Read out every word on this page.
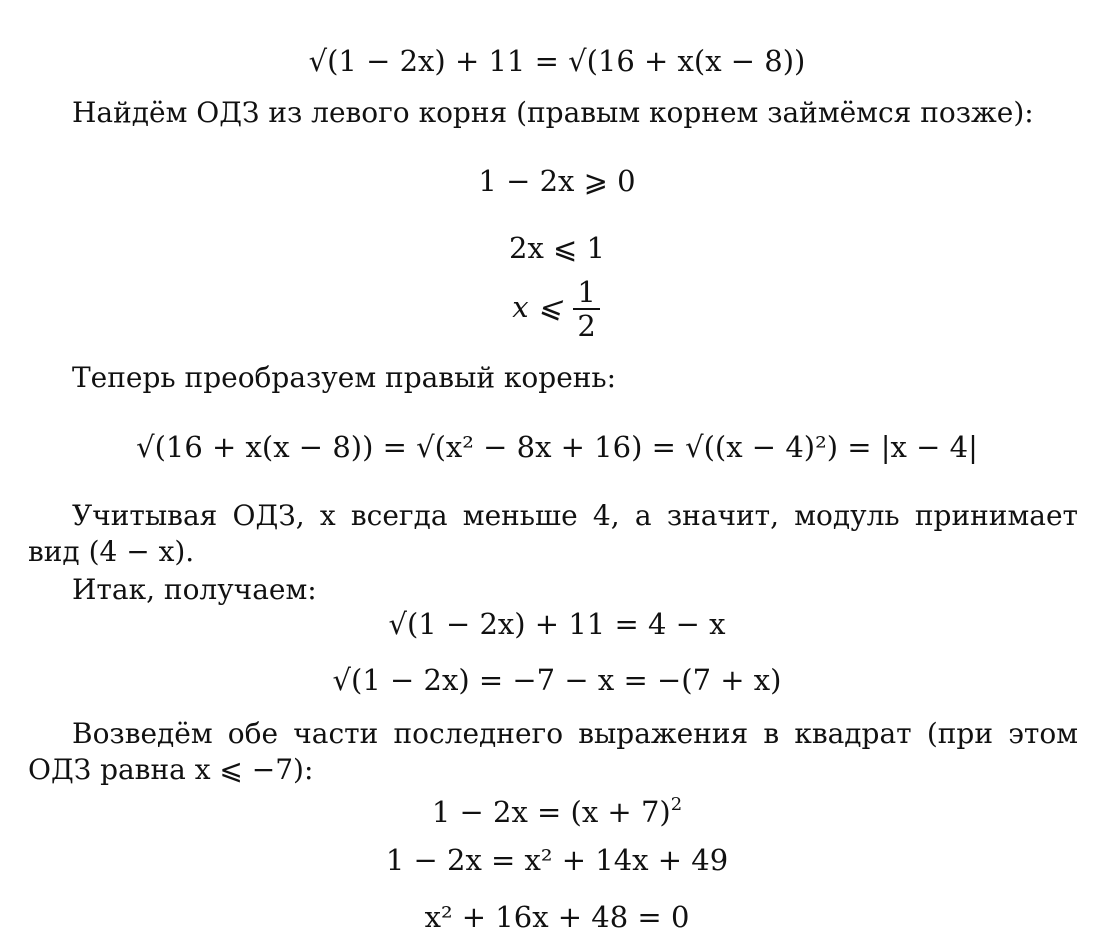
√(1 − 2x) + 11 = √(16 + x(x − 8))
Найдём ОДЗ из левого корня (правым корнем займёмся позже):
1 − 2x ⩾ 0
2x ⩽ 1
x ⩽ $\frac{1}{2}$
Теперь преобразуем правый корень:
√(16 + x(x − 8)) = √(x² − 8x + 16) = √((x − 4)²) = |x − 4|
Учитывая ОДЗ, x всегда меньше 4, а значит, модуль принимает вид (4 − x).
Итак, получаем:
√(1 − 2x) + 11 = 4 − x
√(1 − 2x) = −7 − x = −(7 + x)
Возведём обе части последнего выражения в квадрат (при этом ОДЗ равна x ⩽ −7):
$1 - 2x = (x + 7)^2$
1 − 2x = x² + 14x + 49
x² + 16x + 48 = 0
